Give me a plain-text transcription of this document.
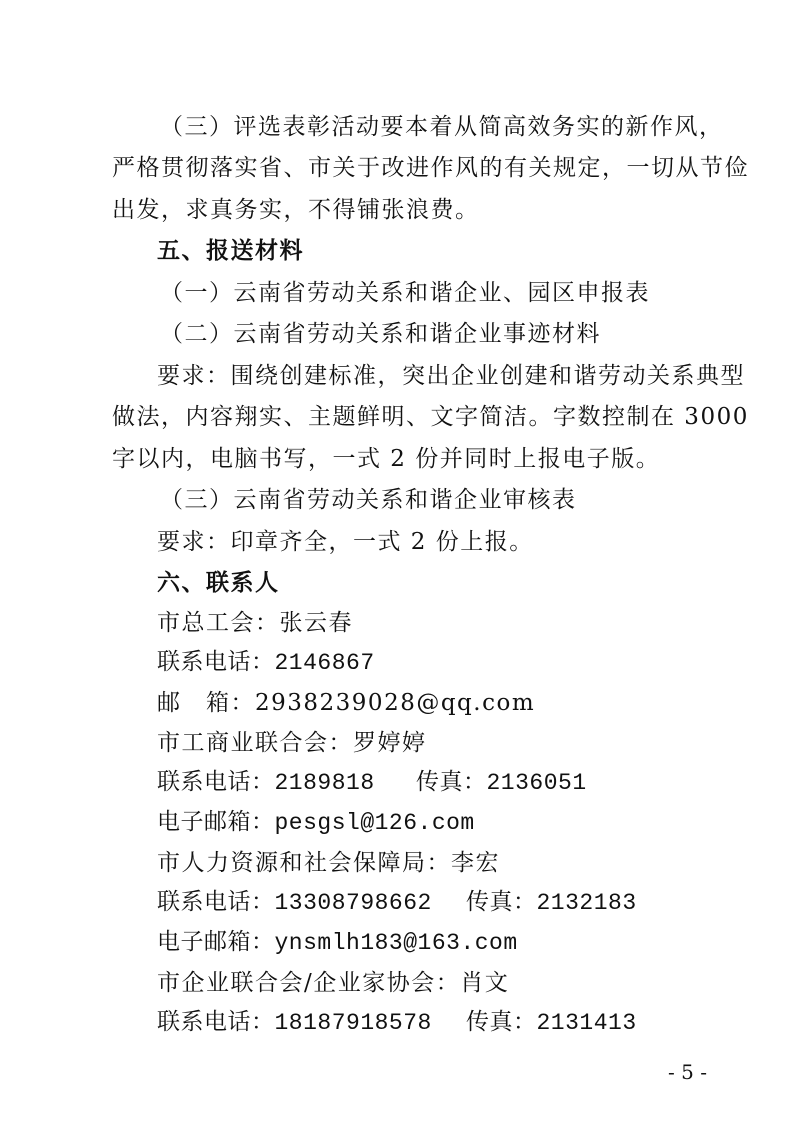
（三）评选表彰活动要本着从简高效务实的新作风，
严格贯彻落实省、市关于改进作风的有关规定，一切从节俭
出发，求真务实，不得铺张浪费。
五、报送材料
（一）云南省劳动关系和谐企业、园区申报表
（二）云南省劳动关系和谐企业事迹材料
要求：围绕创建标准，突出企业创建和谐劳动关系典型
做法，内容翔实、主题鲜明、文字简洁。字数控制在 3000
字以内，电脑书写，一式 2 份并同时上报电子版。
（三）云南省劳动关系和谐企业审核表
要求：印章齐全，一式 2 份上报。
六、联系人
市总工会：张云春
联系电话：2146867
邮　箱：2938239028@qq.com
市工商业联合会：罗婷婷
联系电话：2189818 传真：2136051
电子邮箱：pesgsl@126.com
市人力资源和社会保障局：李宏
联系电话：13308798662 传真：2132183
电子邮箱：ynsmlh183@163.com
市企业联合会/企业家协会：肖文
联系电话：18187918578 传真：2131413
- 5 -
